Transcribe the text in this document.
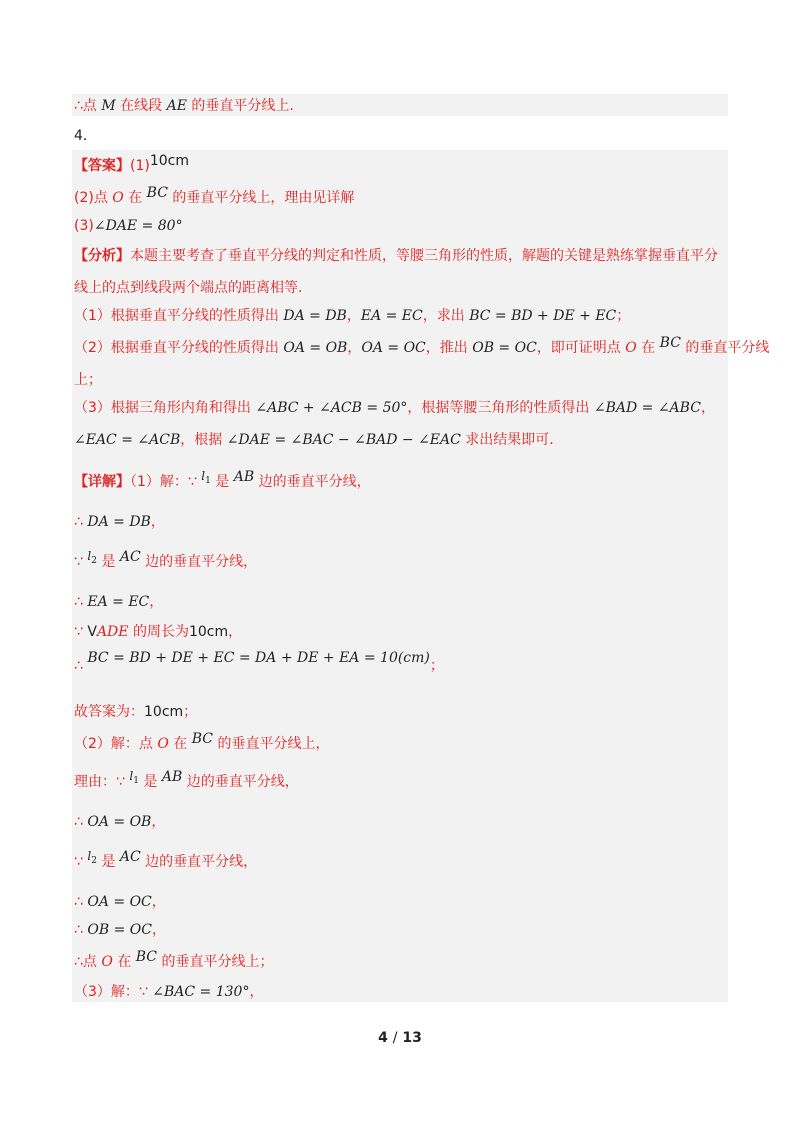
∴点 M 在线段 AE 的垂直平分线上.
4．
【答案】(1)10cm
(2)点 O 在 BC 的垂直平分线上，理由见详解
(3)∠DAE = 80°
【分析】本题主要考查了垂直平分线的判定和性质，等腰三角形的性质，解题的关键是熟练掌握垂直平分
线上的点到线段两个端点的距离相等.
（1）根据垂直平分线的性质得出 DA = DB，EA = EC，求出 BC = BD + DE + EC；
（2）根据垂直平分线的性质得出 OA = OB，OA = OC，推出 OB = OC，即可证明点 O 在 BC 的垂直平分线
上；
（3）根据三角形内角和得出 ∠ABC + ∠ACB = 50°，根据等腰三角形的性质得出 ∠BAD = ∠ABC，
∠EAC = ∠ACB，根据 ∠DAE = ∠BAC − ∠BAD − ∠EAC 求出结果即可.
【详解】（1）解：∵ $l_1$ 是 AB 边的垂直平分线，
∴ DA = DB，
∵ $l_2$ 是 AC 边的垂直平分线，
∴ EA = EC，
∵ VADE 的周长为10cm，
∴ BC = BD + DE + EC = DA + DE + EA = 10(cm)；
故答案为：10cm；
（2）解：点 O 在 BC 的垂直平分线上，
理由：∵ $l_1$ 是 AB 边的垂直平分线，
∴ OA = OB，
∵ $l_2$ 是 AC 边的垂直平分线，
∴ OA = OC，
∴ OB = OC，
∴点 O 在 BC 的垂直平分线上；
（3）解：∵ ∠BAC = 130°，
4 / 13
